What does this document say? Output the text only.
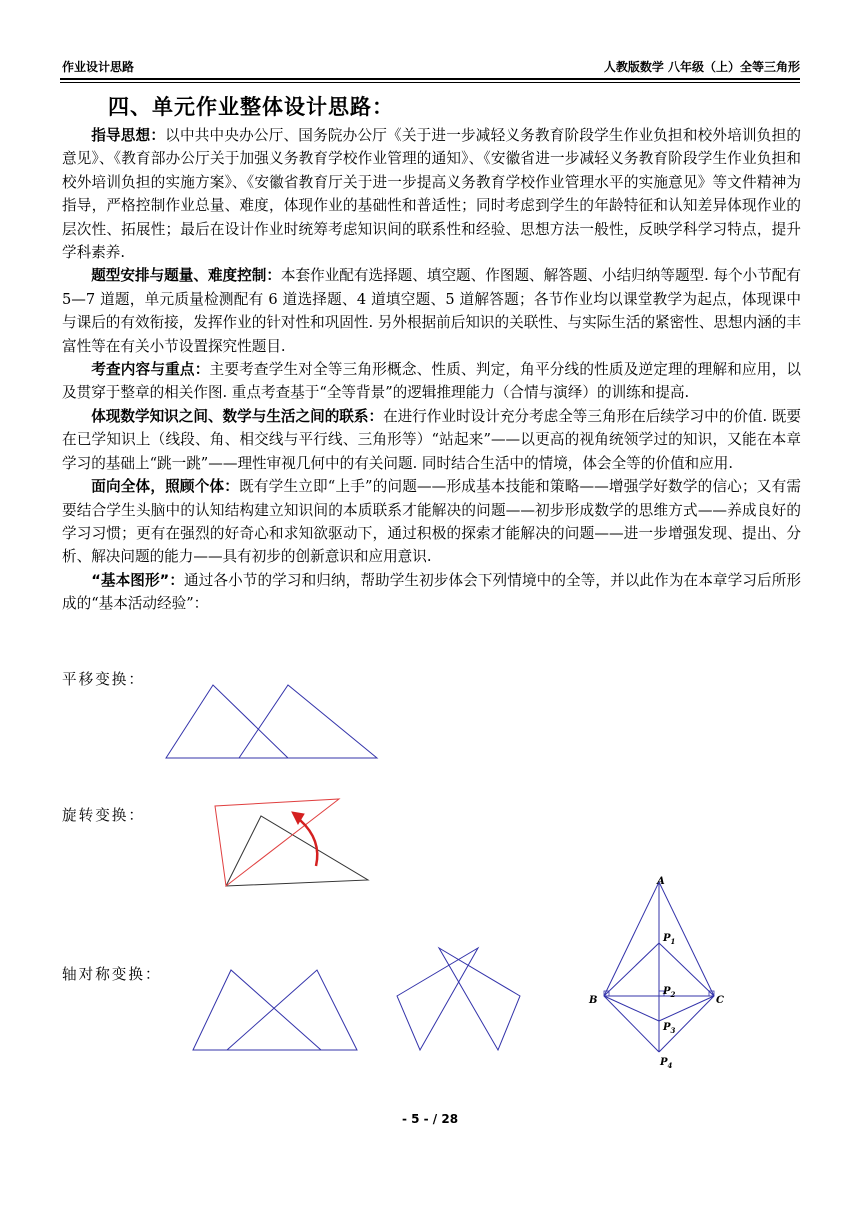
作业设计思路	人教版数学 八年级（上）全等三角形
四、单元作业整体设计思路：

指导思想：以中共中央办公厅、国务院办公厅《关于进一步减轻义务教育阶段学生作业负担和校外培训负担的意见》、《教育部办公厅关于加强义务教育学校作业管理的通知》、《安徽省进一步减轻义务教育阶段学生作业负担和校外培训负担的实施方案》、《安徽省教育厅关于进一步提高义务教育学校作业管理水平的实施意见》等文件精神为指导，严格控制作业总量、难度，体现作业的基础性和普适性；同时考虑到学生的年龄特征和认知差异体现作业的层次性、拓展性；最后在设计作业时统筹考虑知识间的联系性和经验、思想方法一般性，反映学科学习特点，提升学科素养.

题型安排与题量、难度控制：本套作业配有选择题、填空题、作图题、解答题、小结归纳等题型. 每个小节配有 5—7 道题，单元质量检测配有 6 道选择题、4 道填空题、5 道解答题；各节作业均以课堂教学为起点，体现课中与课后的有效衔接，发挥作业的针对性和巩固性. 另外根据前后知识的关联性、与实际生活的紧密性、思想内涵的丰富性等在有关小节设置探究性题目.

考查内容与重点：主要考查学生对全等三角形概念、性质、判定，角平分线的性质及逆定理的理解和应用，以及贯穿于整章的相关作图. 重点考查基于“全等背景”的逻辑推理能力（合情与演绎）的训练和提高.

体现数学知识之间、数学与生活之间的联系：在进行作业时设计充分考虑全等三角形在后续学习中的价值. 既要在已学知识上（线段、角、相交线与平行线、三角形等）“站起来”——以更高的视角统领学过的知识，又能在本章学习的基础上“跳一跳”——理性审视几何中的有关问题. 同时结合生活中的情境，体会全等的价值和应用.

面向全体，照顾个体：既有学生立即“上手”的问题——形成基本技能和策略——增强学好数学的信心；又有需要结合学生头脑中的认知结构建立知识间的本质联系才能解决的问题——初步形成数学的思维方式——养成良好的学习习惯；更有在强烈的好奇心和求知欲驱动下，通过积极的探索才能解决的问题——进一步增强发现、提出、分析、解决问题的能力——具有初步的创新意识和应用意识.

“基本图形”：通过各小节的学习和归纳，帮助学生初步体会下列情境中的全等，并以此作为在本章学习后所形成的“基本活动经验”：

平移变换：
旋转变换：
轴对称变换：
A
B	C
$P_1$
$P_2$
$P_3$
$P_4$
- 5 - / 28
